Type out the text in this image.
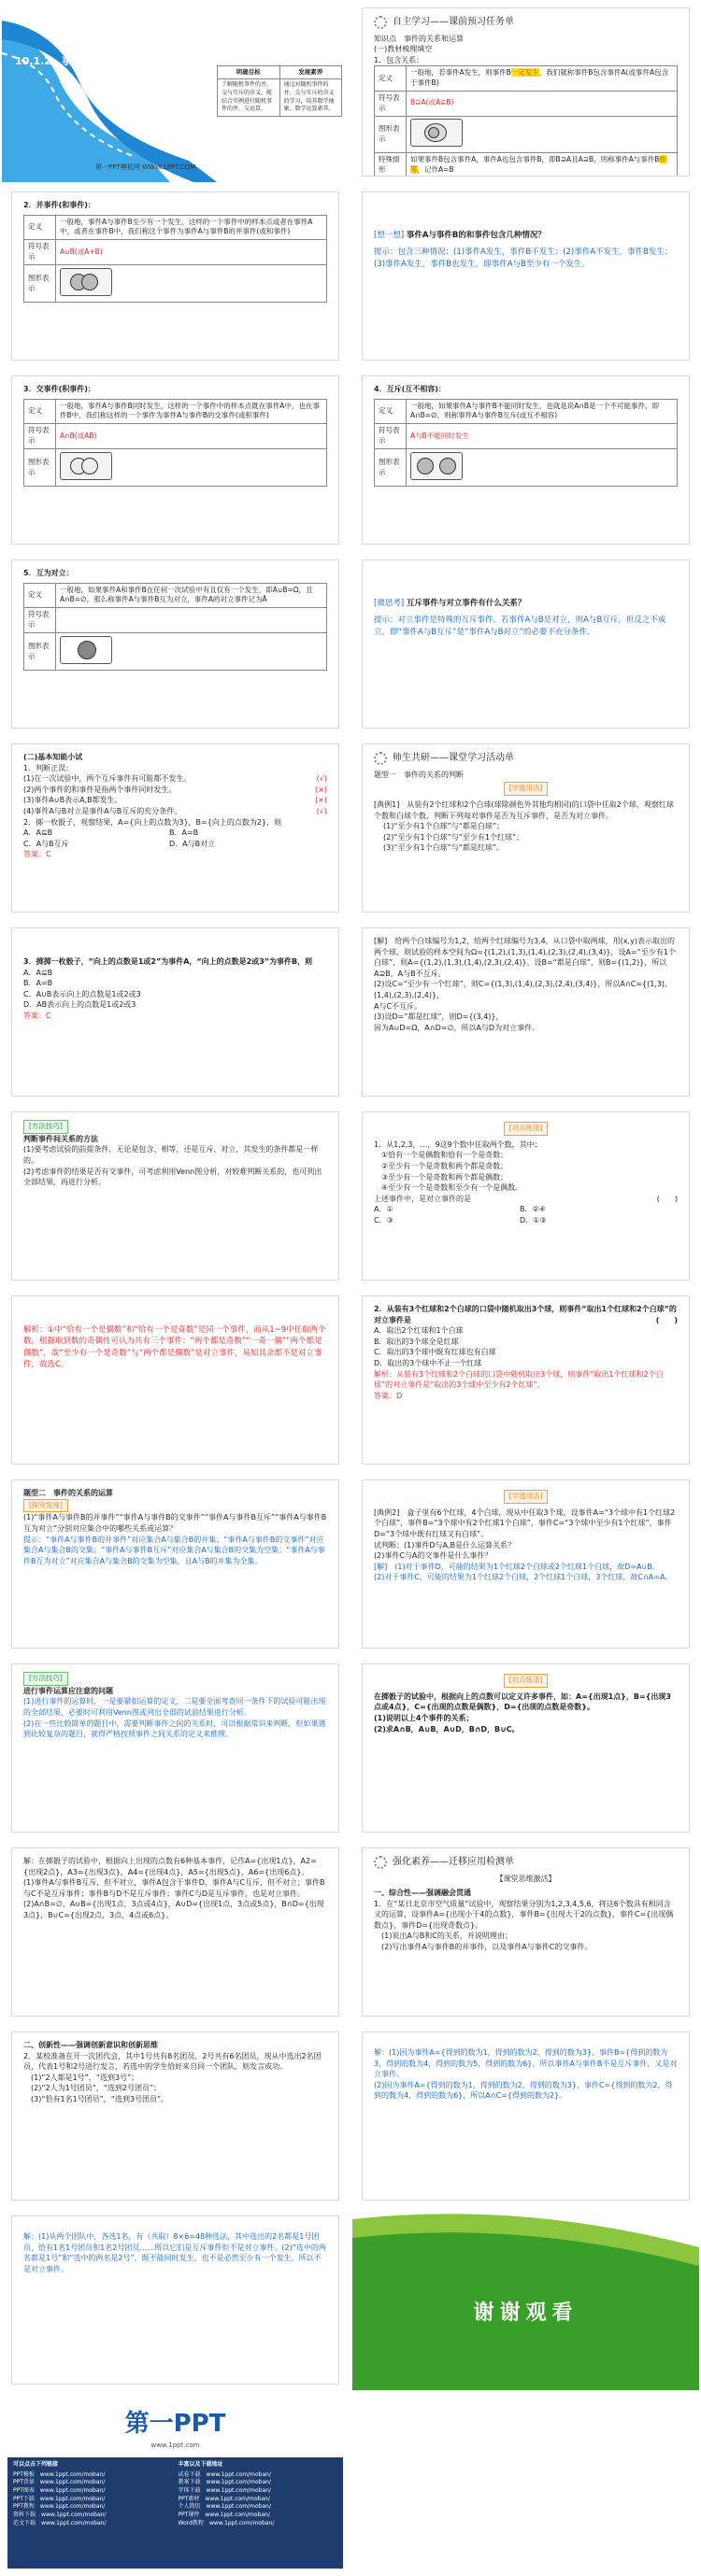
10.1.2　事件的关系和运算
第一PPT模板网-WWW.1PPT.COM
明确目标	发展素养
了解随机事件的并、交与互斥的含义，能结合实例进行随机事件的并、交运算。	通过对随机事件的并、交与互斥的含义的学习，培养数学抽象、数学运算素养。
自主学习——课前预习任务单
知识点　事件的关系和运算
(一)教材梳理填空
1．包含关系：
定义	一般地，若事件A发生，则事件B一定发生，我们就称事件B包含事件A(或事件A包含于事件B)
符号表示	B⊇A(或A⊆B)
图形表示	

特殊情形	如果事件B包含事件A，事件A也包含事件B，即B⊇A且A⊇B，则称事件A与事件B相等，记作A=B
2．并事件(和事件)：
定义	一般地，事件A与事件B至少有一个发生，这样的一个事件中的样本点或者在事件A中，或者在事件B中，我们称这个事件为事件A与事件B的并事件(或和事件)
符号表示	A∪B(或A+B)
图形表示	
[想一想] 事件A与事件B的和事件包含几种情况？
提示：包含三种情况：(1)事件A发生，事件B不发生；(2)事件A不发生，事件B发生；(3)事件A发生，事件B也发生，即事件A与B至少有一个发生。
3．交事件(积事件)：
定义	一般地，事件A与事件B同时发生，这样的一个事件中的样本点既在事件A中，也在事件B中，我们称这样的一个事件为事件A与事件B的交事件(或积事件)
符号表示	A∩B(或AB)
图形表示	
4．互斥(互不相容)：
定义	一般地，如果事件A与事件B不能同时发生，也就是说A∩B是一个不可能事件，即A∩B=∅，则称事件A与事件B互斥(或互不相容)
符号表示	A与B不能同时发生
图形表示	
5．互为对立：
定义	一般地，如果事件A和事件B在任何一次试验中有且仅有一个发生，即A∪B=Ω，且A∩B=∅，那么称事件A与事件B互为对立，事件A的对立事件记为Ā
符号表示	
图形表示	
[微思考] 互斥事件与对立事件有什么关系？
提示：对立事件是特殊的互斥事件，若事件A与B是对立，则A与B互斥，但反之不成立，即“事件A与B互斥”是“事件A与B对立”的必要不充分条件。
(二)基本知能小试
1．判断正误：
(1)在一次试验中，两个互斥事件有可能都不发生。	(√)
(2)两个事件的和事件是指两个事件同时发生。	(×)
(3)事件A∪B表示A,B都发生。	(×)
(4)事件A与B对立是事件A与B互斥的充分条件。	(√)
2．掷一枚骰子，观察结果，A={向上的点数为3}，B={向上的点数为2}，则
A．A⊆B	B．A=B C．A与B互斥	D．A与B对立
答案：C
师生共研——课堂学习活动单
题型一　事件的关系的判断
[学透用活]
[典例1]　从装有2个红球和2个白球(球除颜色外其他均相同)的口袋中任取2个球，观察红球个数和白球个数，判断下列每对事件是否为互斥事件，是否为对立事件。
(1)“至少有1个白球”与“都是白球”；
(2)“至少有1个白球”与“至少有1个红球”；
(3)“至少有1个白球”与“都是红球”。
3．掷掷一枚骰子，“向上的点数是1或2”为事件A，“向上的点数是2或3”为事件B，则
A．A⊆B
B．A=B
C．A∪B表示向上的点数是1或2或3
D．AB表示向上的点数是1或2或3
答案：C
[解]　给两个白球编号为1,2，给两个红球编号为3,4，从口袋中取两球，用(x,y)表示取出的两个球，则试验的样本空间为Ω={(1,2),(1,3),(1,4),(2,3),(2,4),(3,4)}，设A=“至少有1个白球”，则A={(1,2),(1,3),(1,4),(2,3),(2,4)}。设B=“都是白球”，则B={(1,2)}，所以A⊇B，A与B不互斥。
(2)设C=“至少有一个红球”，则C={(1,3),(1,4),(2,3),(2,4),(3,4)}，所以A∩C={(1,3),(1,4),(2,3),(2,4)}，
A与C不互斥。
(3)设D=“都是红球”，则D={(3,4)}，
因为A∪D=Ω，A∩D=∅，所以A与D为对立事件。
[方法技巧]
判断事件间关系的方法
(1)要考虑试验的前提条件，无论是包含、相等，还是互斥、对立，其发生的条件都是一样的。
(2)考虑事件的结果是否有交事件，可考虑利用Venn图分析，对较难判断关系的，也可列出全部结果，再进行分析。
[对点练清]
1．从1,2,3，…，9这9个数中任取两个数，其中：
①恰有一个是偶数和恰有一个是奇数；
②至少有一个是奇数和两个都是奇数；
③至少有一个是奇数和两个都是偶数；
④至少有一个是奇数和至少有一个是偶数。
上述事件中，是对立事件的是	(　　)
A．①	B．②④ C．③	D．①③
解析：①中“恰有一个是偶数”和“恰有一个是奇数”是同一个事件，而从1~9中任取两个数，根据取到数的奇偶性可认为共有三个事件：“两个都是奇数”“一奇一偶”“两个都是偶数”，故“至少有一个是奇数”与“两个都是偶数”是对立事件，易知其余都不是对立事件，故选C。
2．从装有3个红球和2个白球的口袋中随机取出3个球，则事件“取出1个红球和2个白球”的对立事件是	(　　)
A．取出2个红球和1个白球
B．取出的3个球全是红球
C．取出的3个球中既有红球也有白球
D．取出的3个球中不止一个红球
解析：从装有3个红球和2个白球的口袋中随机取出3个球，则事件“取出1个红球和2个白球”的对立事件是“取出的3个球中至少有2个红球”。
答案：D
题型二　事件的关系的运算
[探究发现]
(1)“事件A与事件B的并事件”“事件A与事件B的交事件”“事件A与事件B互斥”“事件A与事件B互为对立”分别对应集合中的哪些关系或运算？
提示：“事件A与事件B的并事件”对应集合A与集合B的并集；“事件A与事件B的交事件”对应集合A与集合B的交集；“事件A与事件B互斥”对应集合A与集合B的交集为空集；“事件A与事件B互为对立”对应集合A与集合B的交集为空集，且A与B的并集为全集。
[学透用活]
[典例2]　盒子里有6个红球，4个白球，现从中任取3个球，设事件A=“3个球中有1个红球2个白球”，事件B=“3个球中有2个红球1个白球”，事件C=“3个球中至少有1个红球”，事件D=“3个球中既有红球又有白球”。
试判断：(1)事件D与A,B是什么运算关系？
(2)事件C与A的交事件是什么事件？
[解]　(1)对于事件D，可能的结果为1个红球2个白球或2个红球1个白球，故D=A∪B。
(2)对于事件C，可能的结果为1个红球2个白球，2个红球1个白球，3个红球，故C∩A=A。
[方法技巧]
进行事件运算应注意的问题
(1)进行事件的运算时，一是要紧扣运算的定义，二是要全面考查同一条件下的试验可能出现的全部结果，必要时可利用Venn图或列出全部的试验结果进行分析。
(2)在一些比较简单的题目中，需要判断事件之间的关系时，可以根据常识来判断，但如果遇到比较复杂的题目，就得严格按照事件之间关系的定义来推理。
[对点练清]
在掷骰子的试验中，根据向上的点数可以定义许多事件，如：A={出现1点}，B={出现3点或4点}，C={出现的点数是偶数}，D={出现的点数是奇数}。
(1)说明以上4个事件的关系；
(2)求A∩B，A∪B，A∪D，B∩D，B∪C。
解：在掷骰子的试验中，根据向上出现的点数有6种基本事件，记作A={出现1点}，A2={出现2点}，A3={出现3点}，A4={出现4点}，A5={出现5点}，A6={出现6点}。
(1)事件A与事件B互斥，但不对立，事件A包含于事件D，事件A与C互斥，但不对立；事件B与C不是互斥事件；事件B与D不是互斥事件；事件C与D是互斥事件，也是对立事件。
(2)A∩B=∅，A∪B={出现1点，3点或4点}，A∪D={出现1点，3点或5点}，B∩D={出现3点}，B∪C={出现2点，3点，4点或6点}。
强化素养——迁移应用检测单
【课堂思维激活】
一、综合性——强调融会贯通
1．在“某日北京市空气质量”试验中，观察结果分别为1,2,3,4,5,6，将这6个数具有相同含义的运算，设事件A={出现小于4的点数}，事件B={出现大于2的点数}，事件C={出现偶数点}，事件D={出现奇数点}。
(1)说出A与B和C的关系，并说明理由；
(2)写出事件A与事件B的并事件，以及事件A与事件C的交事件。
二、创新性——强调创新意识和创新思维
2．某校准备在开一次团代会，其中1号共有8名团员，2号共有6名团员，现从中选出2名团员，代表1号和2号进行发言，若选中的学生恰好来自同一个团队，则发言成功。
(1)“2人都是1号”，“选到3号”；
(2)“2人为1号团员”，“选到2号团员”；
(3)“恰有1名1号团员”，“选到3号团员”。
解：(1)因为事件A={得到的数为1，得到的数为2，得到的数为3}，事件B={得到的数为3，得到的数为4，得到的数为5，得到的数为6}，所以事件A与事件B不是互斥事件，又是对立事件。
(2)因为事件A={得到的数为1，得到的数为2，得到的数为3}，事件C={得到的数为2，得到的数为4，得到的数为6}，所以A∩C={得到的数为2}。
解：(1)从两个团队中，各选1名，有（共取）8×6=48种选法，其中选出的2名都是1号团员，恰有1名1号团员和1名2号团员……所以它们是互斥事件但不是对立事件。(2)“选中的两名都是1号”和“选中的两名是2号”，既不能同时发生，也不是必然至少有一个发生，所以不是对立事件。
谢谢观看
第一PPT
www.1ppt.com
可以点击下列链接
PPT模板　 www.1ppt.com/moban/
PPT背景　 www.1ppt.com/moban/
PPT图表　 www.1ppt.com/moban/
PPT下载　 www.1ppt.com/moban/
PPT教程　 www.1ppt.com/moban/
资料下载　 www.1ppt.com/moban/
范文下载　 www.1ppt.com/moban/
丰富以及下载地址
试卷下载　 www.1ppt.com/moban/
教案下载　 www.1ppt.com/moban/
字体下载　 www.1ppt.com/moban/
PPT素材　 www.1ppt.com/moban/
个人简历　 www.1ppt.com/moban/
PPT课件　 www.1ppt.com/moban/
Word教程　 www.1ppt.com/moban/
